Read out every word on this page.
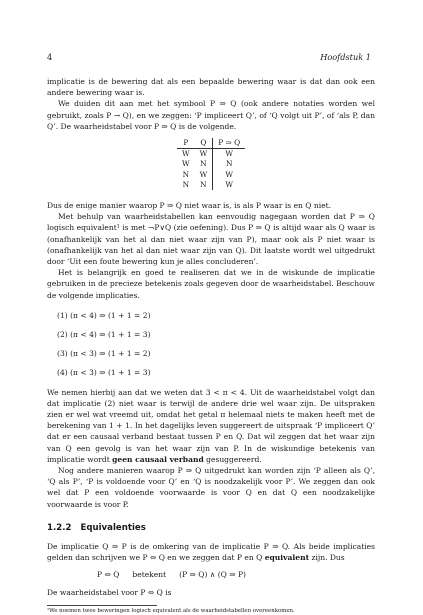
4	Hoofdstuk 1

implicatie is de bewering dat als een bepaalde bewering waar is dat dan ook een andere bewering waar is.

We duiden dit aan met het symbool P ⇒ Q (ook andere notaties worden wel gebruikt, zoals P → Q), en we zeggen: ‘P impliceert Q’, of ‘Q volgt uit P’, of ‘als P, dan Q’. De waarheidstabel voor P ⇒ Q is de volgende.

P	Q	P ⇒ Q
W	W	W
W	N	N
N	W	W
N	N	W

Dus de enige manier waarop P ⇒ Q niet waar is, is als P waar is en Q niet.

Met behulp van waarheidstabellen kan eenvoudig nagegaan worden dat P ⇒ Q logisch equivalent¹ is met ¬P∨Q (zie oefening). Dus P ⇒ Q is altijd waar als Q waar is (onafhankelijk van het al dan niet waar zijn van P), maar ook als P niet waar is (onafhankelijk van het al dan niet waar zijn van Q). Dit laatste wordt wel uitgedrukt door ‘Uit een foute bewering kun je alles concluderen’.

Het is belangrijk en goed te realiseren dat we in de wiskunde de implicatie gebruiken in de precieze betekenis zoals gegeven door de waarheidstabel. Beschouw de volgende implicaties.

(1) (π < 4) ⇒ (1 + 1 = 2)
(2) (π < 4) ⇒ (1 + 1 = 3)
(3) (π < 3) ⇒ (1 + 1 = 2)
(4) (π < 3) ⇒ (1 + 1 = 3)

We nemen hierbij aan dat we weten dat 3 < π < 4. Uit de waarheidstabel volgt dan dat implicatie (2) niet waar is terwijl de andere drie wel waar zijn. De uitspraken zien er wel wat vreemd uit, omdat het getal π helemaal niets te maken heeft met de berekening van 1 + 1. In het dagelijks leven suggereert de uitspraak ‘P impliceert Q’ dat er een causaal verband bestaat tussen P en Q. Dat wil zeggen dat het waar zijn van Q een gevolg is van het waar zijn van P. In de wiskundige betekenis van implicatie wordt geen causaal verband gesuggereerd.

Nog andere manieren waarop P ⇒ Q uitgedrukt kan worden zijn ‘P alleen als Q’, ‘Q als P’, ‘P is voldoende voor Q’ en ‘Q is noodzakelijk voor P’. We zeggen dan ook wel dat P een voldoende voorwaarde is voor Q en dat Q een noodzakelijke voorwaarde is voor P.

1.2.2 Equivalenties

De implicatie Q ⇒ P is de omkering van de implicatie P ⇒ Q. Als beide implicaties gelden dan schrijven we P ⇔ Q en we zeggen dat P en Q equivalent zijn. Dus

P ⇔ Q betekent (P ⇒ Q) ∧ (Q ⇒ P)

De waarheidstabel voor P ⇔ Q is

¹We noemen twee beweringen logisch equivalent als de waarheidstabellen overeenkomen.
